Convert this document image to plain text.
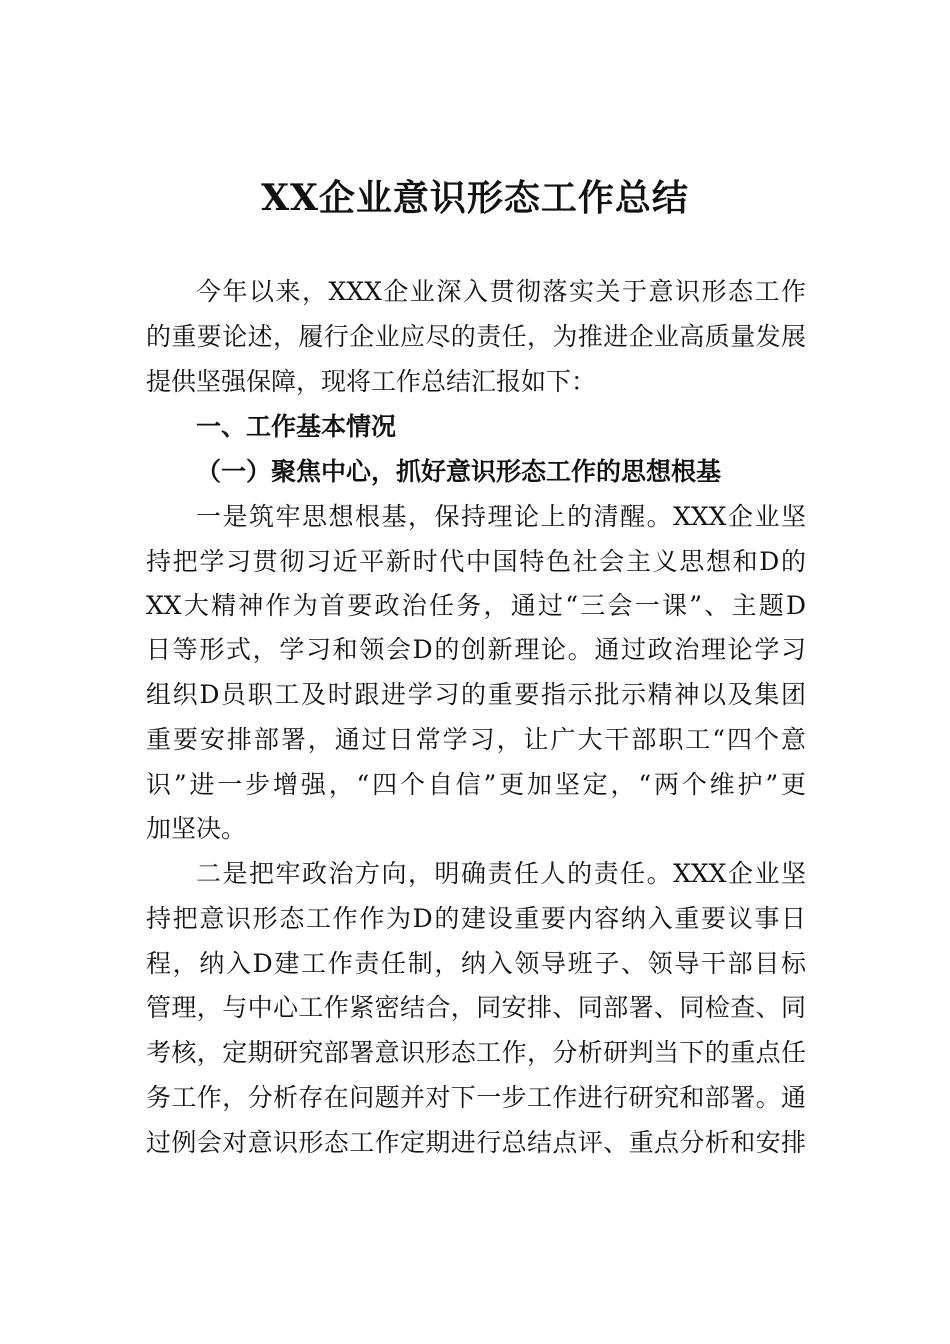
XX企业意识形态工作总结
今年以来，XXX企业深入贯彻落实关于意识形态工作
的重要论述，履行企业应尽的责任，为推进企业高质量发展
提供坚强保障，现将工作总结汇报如下：
一、工作基本情况
（一）聚焦中心，抓好意识形态工作的思想根基
一是筑牢思想根基，保持理论上的清醒。XXX企业坚
持把学习贯彻习近平新时代中国特色社会主义思想和D的
XX大精神作为首要政治任务，通过“三会一课”、主题D
日等形式，学习和领会D的创新理论。通过政治理论学习
组织D员职工及时跟进学习的重要指示批示精神以及集团
重要安排部署，通过日常学习，让广大干部职工“四个意
识”进一步增强，“四个自信”更加坚定，“两个维护”更
加坚决。
二是把牢政治方向，明确责任人的责任。XXX企业坚
持把意识形态工作作为D的建设重要内容纳入重要议事日
程，纳入D建工作责任制，纳入领导班子、领导干部目标
管理，与中心工作紧密结合，同安排、同部署、同检查、同
考核，定期研究部署意识形态工作，分析研判当下的重点任
务工作，分析存在问题并对下一步工作进行研究和部署。通
过例会对意识形态工作定期进行总结点评、重点分析和安排
